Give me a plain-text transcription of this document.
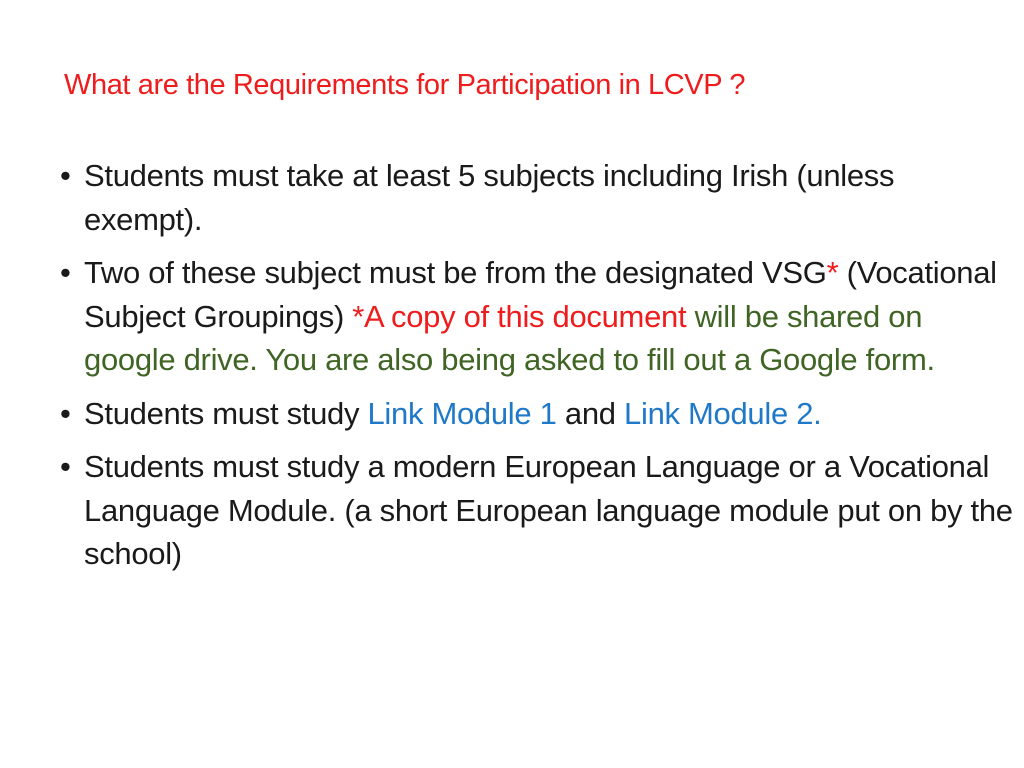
What are the Requirements for Participation in LCVP ?
• Students must take at least 5 subjects including Irish (unless exempt).
• Two of these subject must be from the designated VSG* (Vocational Subject Groupings) *A copy of this document will be shared on google drive. You are also being asked to fill out a Google form.
• Students must study Link Module 1 and Link Module 2.
• Students must study a modern European Language or a Vocational Language Module. (a short European language module put on by the school)
